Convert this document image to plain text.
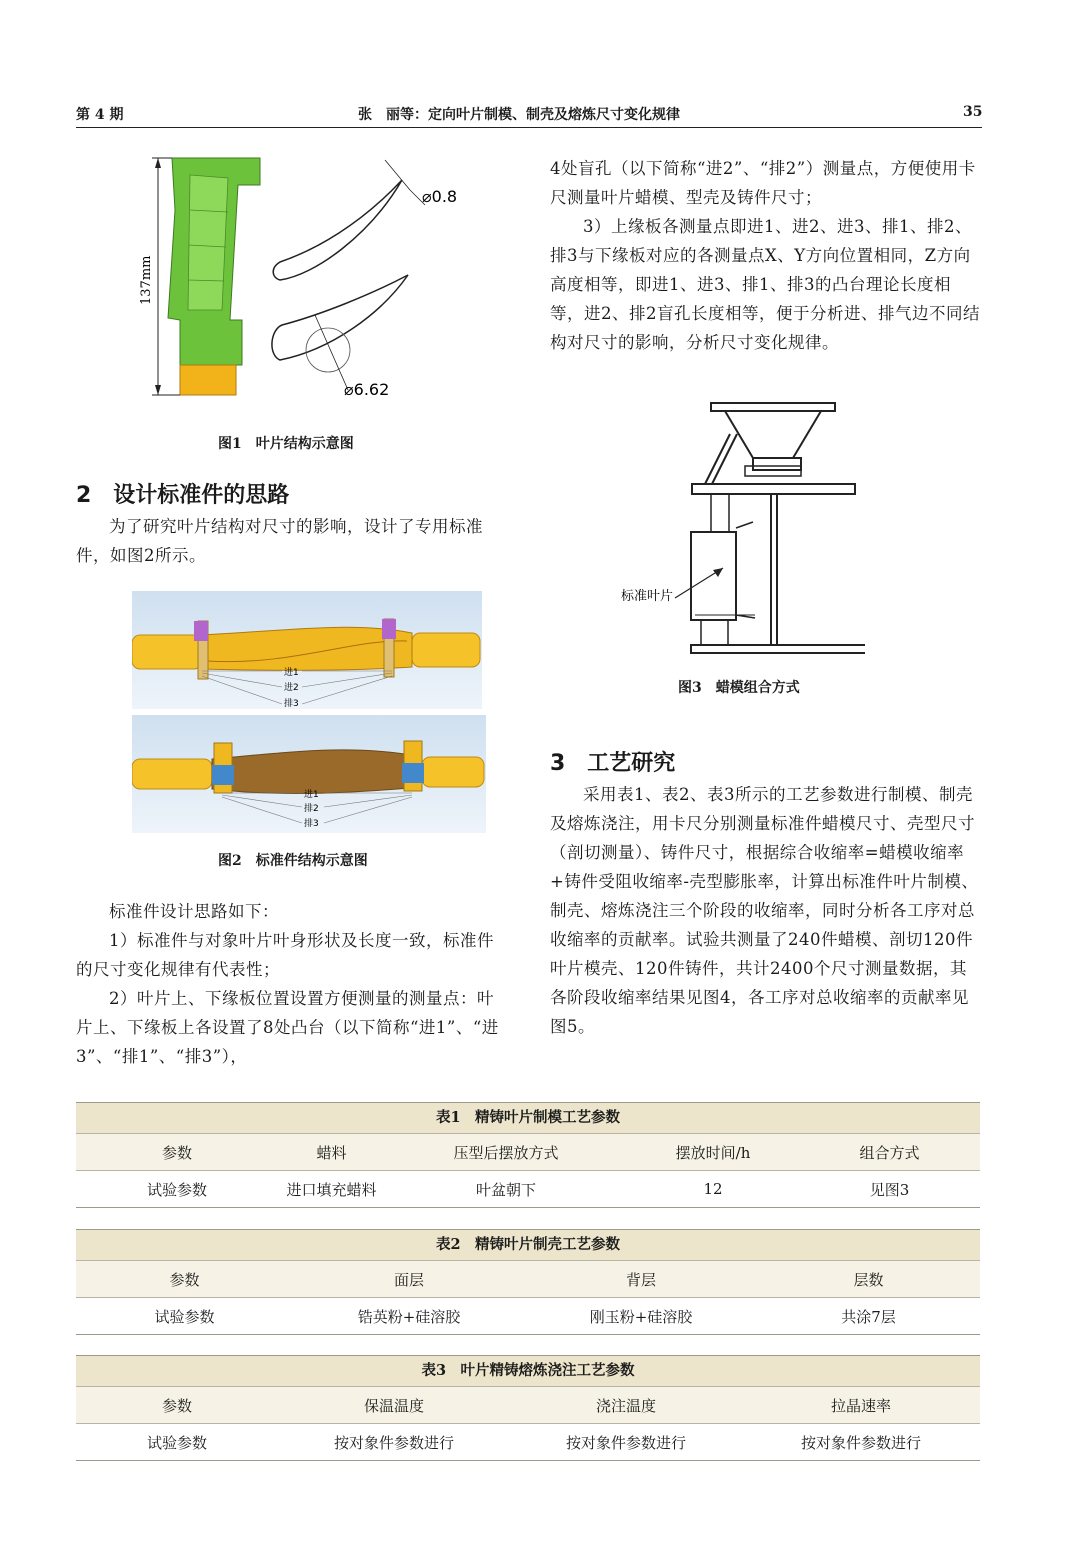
第 4 期	张　丽等：定向叶片制模、制壳及熔炼尺寸变化规律	35
137mm
⌀0.8
⌀6.62
图1　叶片结构示意图
2　设计标准件的思路

为了研究叶片结构对尺寸的影响，设计了专用标准件，如图2所示。

进1
进2
排3
进1
排2
排3
图2　标准件结构示意图

标准件设计思路如下：

1）标准件与对象叶片叶身形状及长度一致，标准件的尺寸变化规律有代表性；

2）叶片上、下缘板位置设置方便测量的测量点：叶片上、下缘板上各设置了8处凸台（以下简称“进1”、“进3”、“排1”、“排3”），

4处盲孔（以下简称“进2”、“排2”）测量点，方便使用卡尺测量叶片蜡模、型壳及铸件尺寸；

3）上缘板各测量点即进1、进2、进3、排1、排2、排3与下缘板对应的各测量点X、Y方向位置相同，Z方向高度相等，即进1、进3、排1、排3的凸台理论长度相等，进2、排2盲孔长度相等，便于分析进、排气边不同结构对尺寸的影响，分析尺寸变化规律。

标准叶片
图3　蜡模组合方式
3　工艺研究

采用表1、表2、表3所示的工艺参数进行制模、制壳及熔炼浇注，用卡尺分别测量标准件蜡模尺寸、壳型尺寸（剖切测量）、铸件尺寸，根据综合收缩率=蜡模收缩率+铸件受阻收缩率-壳型膨胀率，计算出标准件叶片制模、制壳、熔炼浇注三个阶段的收缩率，同时分析各工序对总收缩率的贡献率。试验共测量了240件蜡模、剖切120件叶片模壳、120件铸件，共计2400个尺寸测量数据，其各阶段收缩率结果见图4，各工序对总收缩率的贡献率见图5。

表1　精铸叶片制模工艺参数
参数	蜡料	压型后摆放方式	摆放时间/h	组合方式
试验参数	进口填充蜡料	叶盆朝下	12	见图3
表2　精铸叶片制壳工艺参数
参数	面层	背层	层数
试验参数	锆英粉+硅溶胶	刚玉粉+硅溶胶	共涂7层
表3　叶片精铸熔炼浇注工艺参数
参数	保温温度	浇注温度	拉晶速率
试验参数	按对象件参数进行	按对象件参数进行	按对象件参数进行
